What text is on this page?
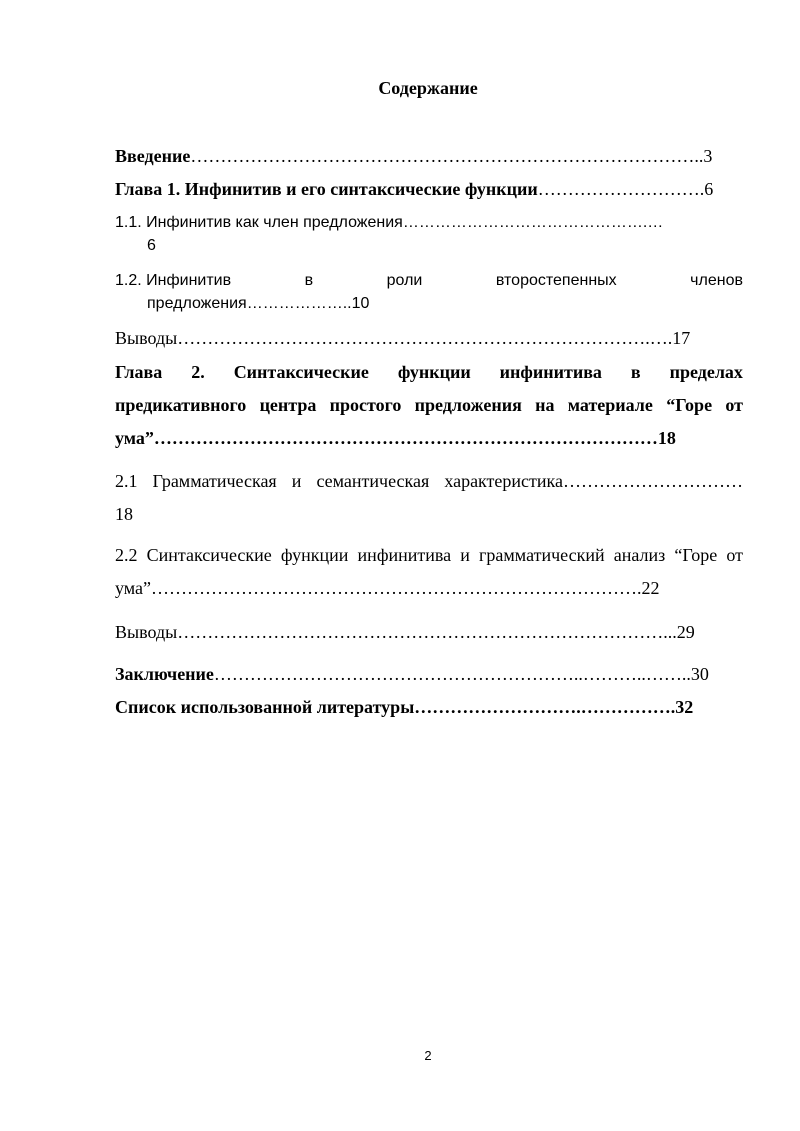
Содержание
Введение…………………………………………………………………………..3
Глава 1. Инфинитив и его синтаксические функции……………………….6
1.1. Инфинитив как член предложения……………………………………….…
6
1.2. Инфинитив	в	роли	второстепенных	членов
предложения………………..10
Выводы…………………………………………………………………….….17
Глава 2. Синтаксические функции инфинитива в пределах
предикативного центра простого предложения на материале “Горе от
ума”…………………………………………………………………………18
2.1 Грамматическая и семантическая характеристика…………………………
18
2.2 Синтаксические функции инфинитива и грамматический анализ “Горе от
ума”……………………………………………………………………….22
Выводы………………………………………………………………………...29
Заключение……………………………………………………..………..……..30
Список использованной литературы……………………….…………….32
2
